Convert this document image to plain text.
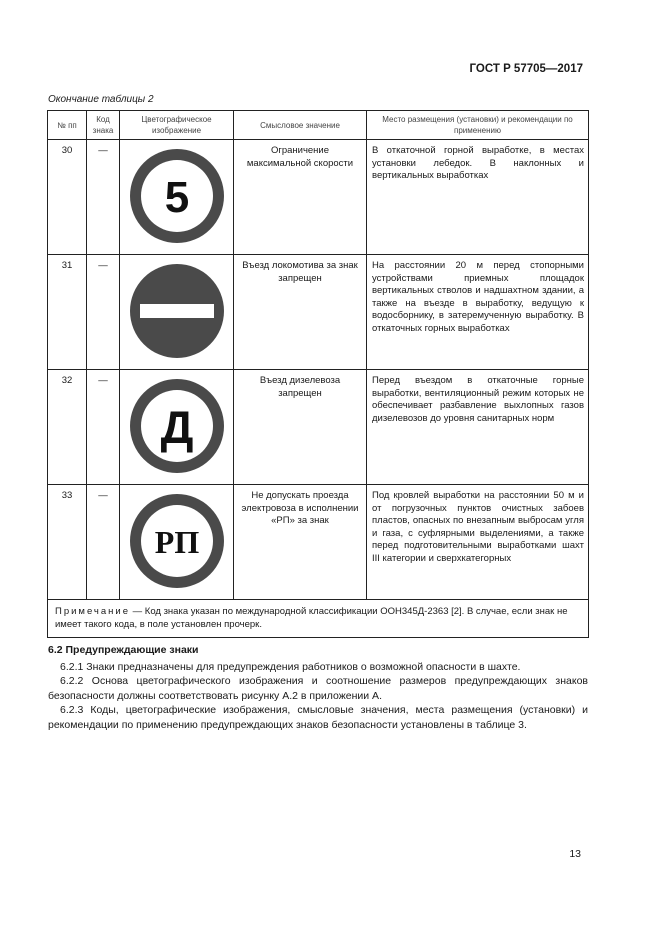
ГОСТ Р 57705—2017
Окончание таблицы 2
№ пп	Код знака	Цветографическое изображение	Смысловое значение	Место размещения (установки) и рекомендации по применению
30	—	5	Ограничение максимальной скорости	В откаточной горной выработке, в местах установки лебедок. В наклонных и вертикальных выработках
31	—		Въезд локомотива за знак запрещен	На расстоянии 20 м перед стопорными устройствами приемных площадок вертикальных стволов и надшахтном здании, а также на въезде в выработку, ведущую к водосборнику, в затеремученную выработку. В откаточных горных выработках
32	—	Д	Въезд дизелевоза запрещен	Перед въездом в откаточные горные выработки, вентиляционный режим которых не обеспечивает разбавление выхлопных газов дизелевозов до уровня санитарных норм
33	—	РП	Не допускать проезда электровоза в исполнении «РП» за знак	Под кровлей выработки на расстоянии 50 м и от погрузочных пунктов очистных забоев пластов, опасных по внезапным выбросам угля и газа, с суфлярными выделениями, а также перед подготовительными выработками шахт III категории и сверхкатегорных
Примечание — Код знака указан по международной классификации ООН345Д-2363 [2]. В случае, если знак не имеет такого кода, в поле установлен прочерк.				
6.2 Предупреждающие знаки
6.2.1 Знаки предназначены для предупреждения работников о возможной опасности в шахте.
6.2.2 Основа цветографического изображения и соотношение размеров предупреждающих знаков безопасности должны соответствовать рисунку А.2 в приложении А.
6.2.3 Коды, цветографические изображения, смысловые значения, места размещения (установки) и рекомендации по применению предупреждающих знаков безопасности установлены в таблице 3.
13
